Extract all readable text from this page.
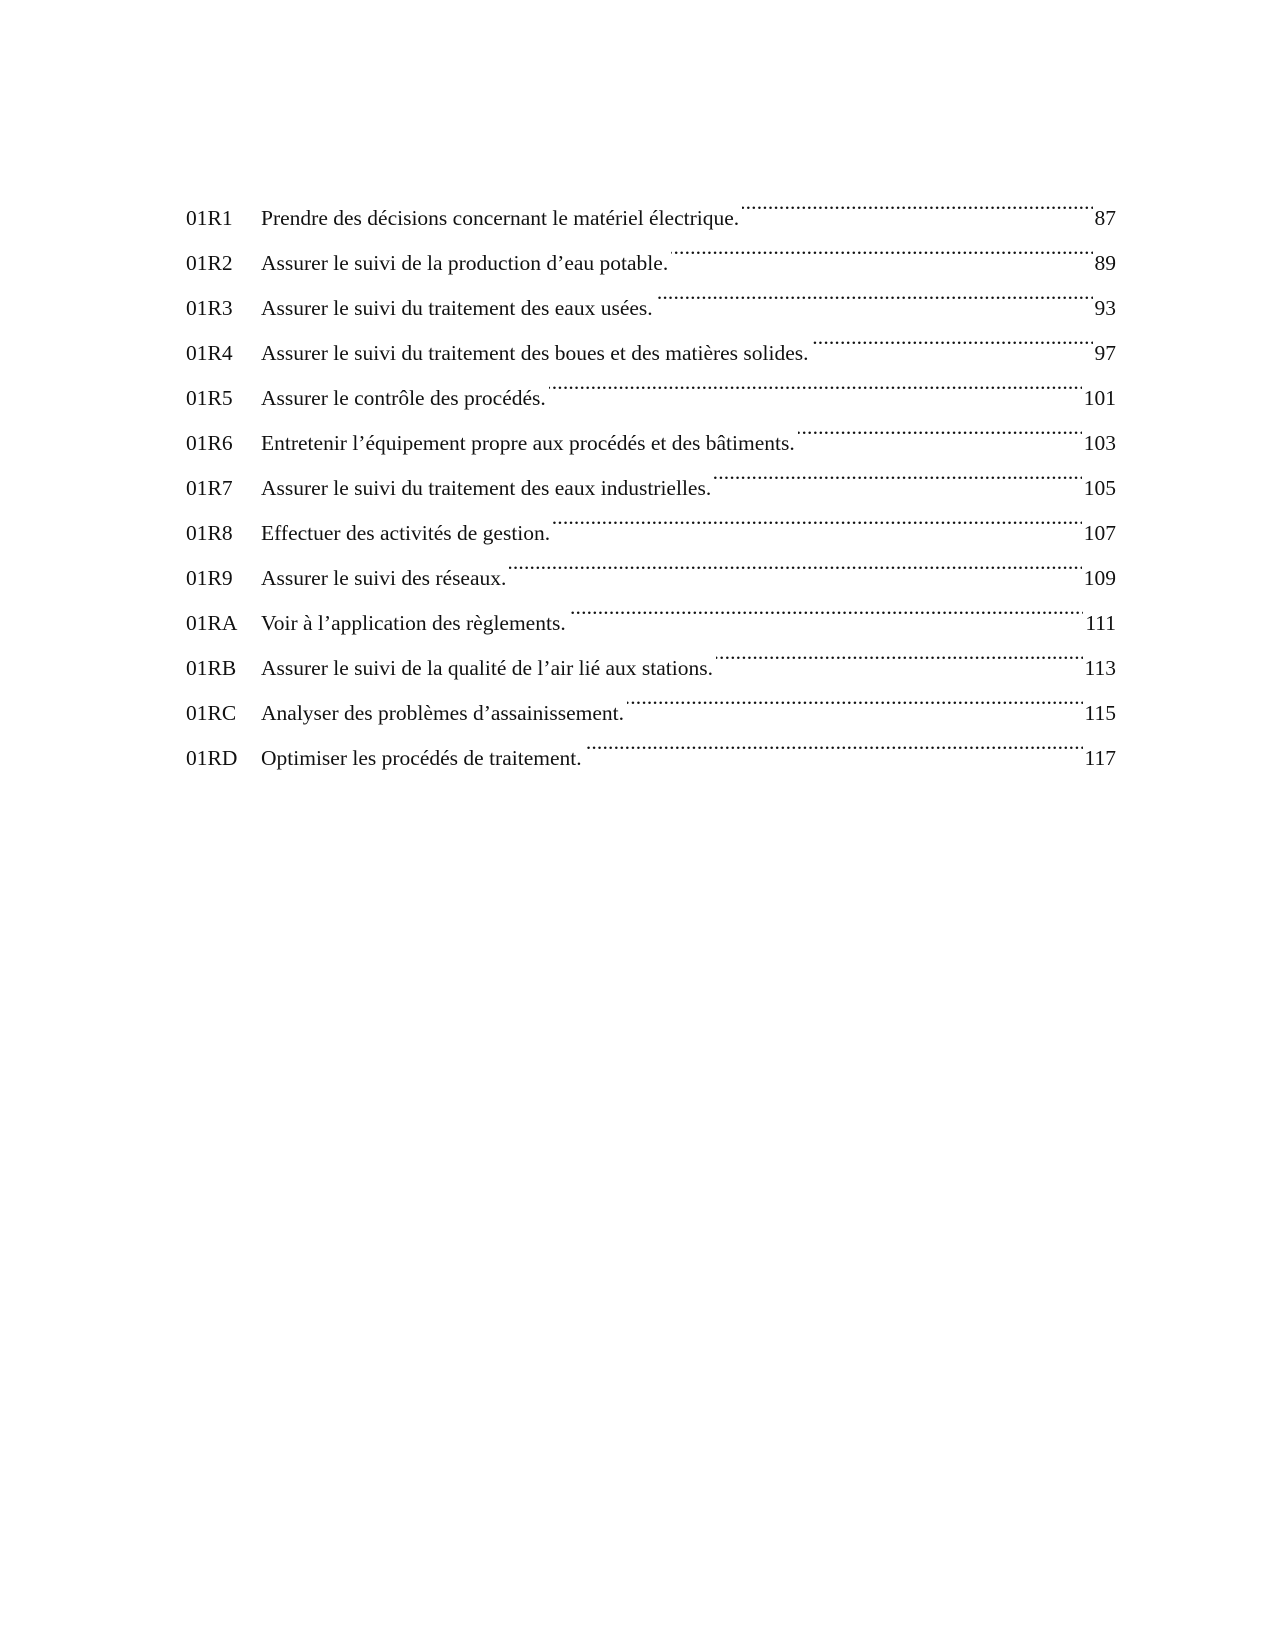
01R1	Prendre des décisions concernant le matériel électrique. . . .	87
01R2	Assurer le suivi de la production d’eau potable. . . .	89
01R3	Assurer le suivi du traitement des eaux usées. . . .	93
01R4	Assurer le suivi du traitement des boues et des matières solides. . . .	97
01R5	Assurer le contrôle des procédés. . . .	101
01R6	Entretenir l’équipement propre aux procédés et des bâtiments. . . .	103
01R7	Assurer le suivi du traitement des eaux industrielles. . . .	105
01R8	Effectuer des activités de gestion. . . .	107
01R9	Assurer le suivi des réseaux. . . .	109
01RA	Voir à l’application des règlements. . . .	111
01RB	Assurer le suivi de la qualité de l’air lié aux stations. . . .	113
01RC	Analyser des problèmes d’assainissement. . . .	115
01RD	Optimiser les procédés de traitement. . . .	117
